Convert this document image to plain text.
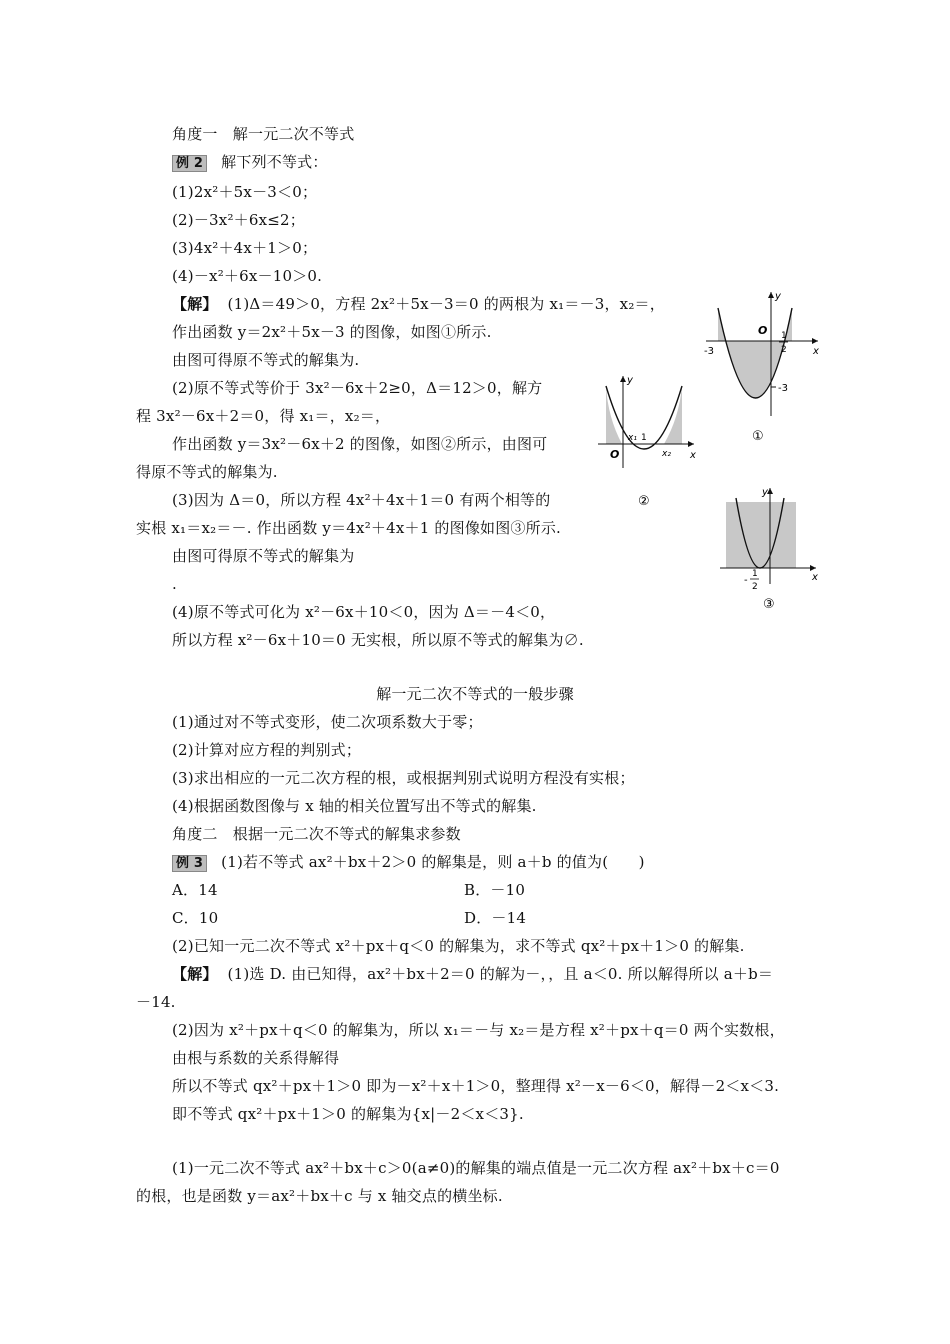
角度一　解一元二次不等式
例 2 解下列不等式：
(1)2x²＋5x－3＜0；
(2)－3x²＋6x≤2；
(3)4x²＋4x＋1＞0；
(4)－x²＋6x－10＞0.
【解】 (1)Δ＝49＞0，方程 2x²＋5x－3＝0 的两根为 x₁＝－3，x₂＝，
作出函数 y＝2x²＋5x－3 的图像，如图①所示.
由图可得原不等式的解集为.
(2)原不等式等价于 3x²－6x＋2≥0，Δ＝12＞0，解方
程 3x²－6x＋2＝0，得 x₁＝，x₂＝，
作出函数 y＝3x²－6x＋2 的图像，如图②所示，由图可
得原不等式的解集为.
(3)因为 Δ＝0，所以方程 4x²＋4x＋1＝0 有两个相等的
实根 x₁＝x₂＝－. 作出函数 y＝4x²＋4x＋1 的图像如图③所示.
由图可得原不等式的解集为
.
(4)原不等式可化为 x²－6x＋10＜0，因为 Δ＝－4＜0，
所以方程 x²－6x＋10＝0 无实根，所以原不等式的解集为∅.
y
x
O
-3
1
2
-3
①
y
x
O
x₁ 1
x₂
②
y
x
-
1
2
③
解一元二次不等式的一般步骤
(1)通过对不等式变形，使二次项系数大于零；
(2)计算对应方程的判别式；
(3)求出相应的一元二次方程的根，或根据判别式说明方程没有实根；
(4)根据函数图像与 x 轴的相关位置写出不等式的解集.
角度二　根据一元二次不等式的解集求参数
例 3 (1)若不等式 ax²＋bx＋2＞0 的解集是，则 a＋b 的值为(　　)
A．14	B．－10
C．10	D．－14
(2)已知一元二次不等式 x²＋px＋q＜0 的解集为，求不等式 qx²＋px＋1＞0 的解集.
【解】 (1)选 D. 由已知得，ax²＋bx＋2＝0 的解为－，，且 a＜0. 所以解得所以 a＋b＝
－14.
(2)因为 x²＋px＋q＜0 的解集为，所以 x₁＝－与 x₂＝是方程 x²＋px＋q＝0 两个实数根，
由根与系数的关系得解得
所以不等式 qx²＋px＋1＞0 即为－x²＋x＋1＞0，整理得 x²－x－6＜0，解得－2＜x＜3.
即不等式 qx²＋px＋1＞0 的解集为{x|－2＜x＜3}.
(1)一元二次不等式 ax²＋bx＋c＞0(a≠0)的解集的端点值是一元二次方程 ax²＋bx＋c＝0
的根，也是函数 y＝ax²＋bx＋c 与 x 轴交点的横坐标.
